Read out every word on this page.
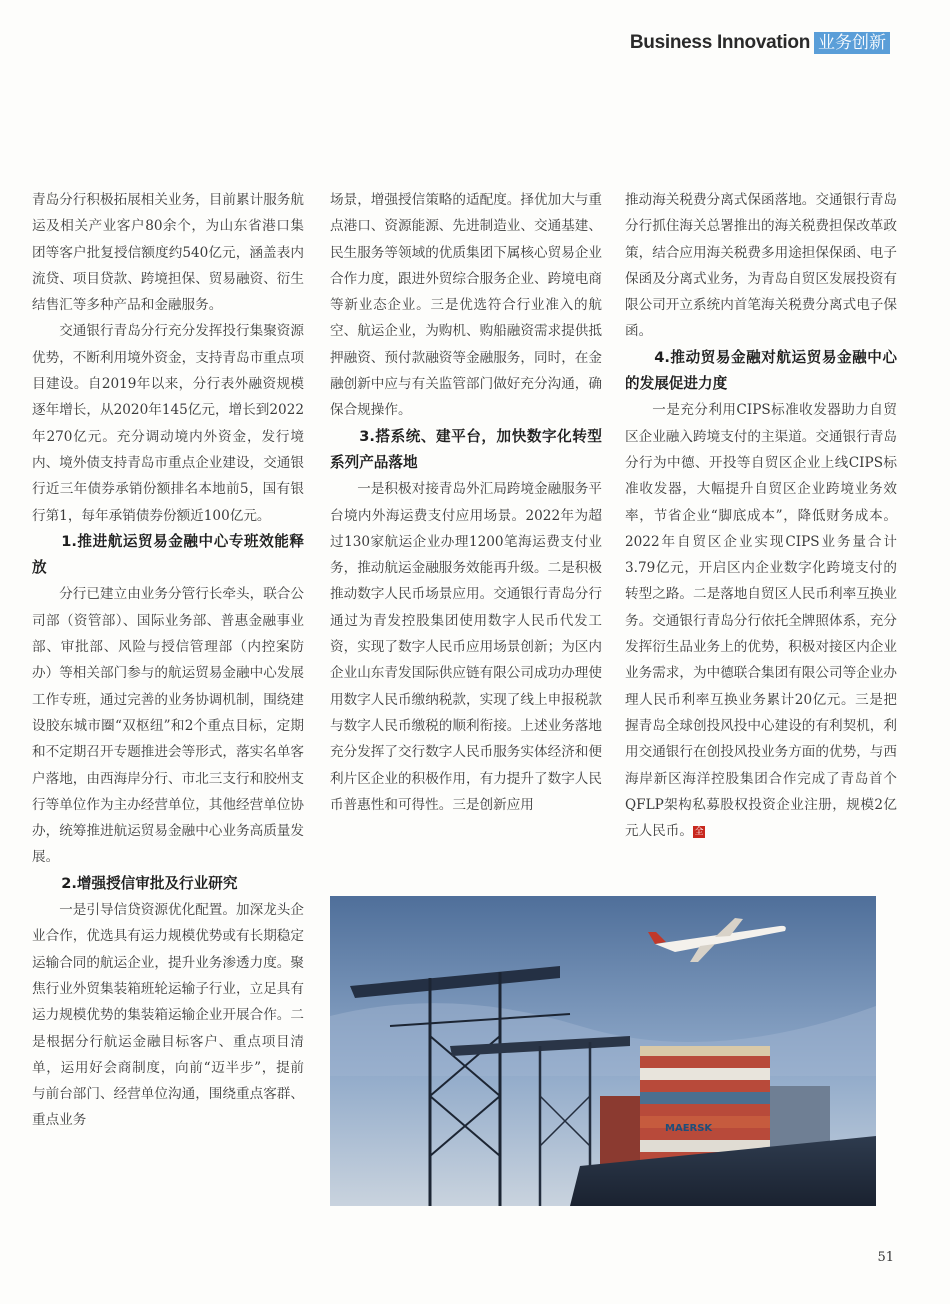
Business Innovation 业务创新

青岛分行积极拓展相关业务，目前累计服务航运及相关产业客户80余个，为山东省港口集团等客户批复授信额度约540亿元，涵盖表内流贷、项目贷款、跨境担保、贸易融资、衍生结售汇等多种产品和金融服务。

交通银行青岛分行充分发挥投行集聚资源优势，不断利用境外资金，支持青岛市重点项目建设。自2019年以来，分行表外融资规模逐年增长，从2020年145亿元，增长到2022年270亿元。充分调动境内外资金，发行境内、境外债支持青岛市重点企业建设，交通银行近三年债券承销份额排名本地前5，国有银行第1，每年承销债券份额近100亿元。

1.推进航运贸易金融中心专班效能释放

分行已建立由业务分管行长牵头，联合公司部（资管部）、国际业务部、普惠金融事业部、审批部、风险与授信管理部（内控案防办）等相关部门参与的航运贸易金融中心发展工作专班，通过完善的业务协调机制，围绕建设胶东城市圈“双枢纽”和2个重点目标，定期和不定期召开专题推进会等形式，落实名单客户落地，由西海岸分行、市北三支行和胶州支行等单位作为主办经营单位，其他经营单位协办，统筹推进航运贸易金融中心业务高质量发展。

2.增强授信审批及行业研究

一是引导信贷资源优化配置。加深龙头企业合作，优选具有运力规模优势或有长期稳定运输合同的航运企业，提升业务渗透力度。聚焦行业外贸集装箱班轮运输子行业，立足具有运力规模优势的集装箱运输企业开展合作。二是根据分行航运金融目标客户、重点项目清单，运用好会商制度，向前“迈半步”，提前与前台部门、经营单位沟通，围绕重点客群、重点业务

场景，增强授信策略的适配度。择优加大与重点港口、资源能源、先进制造业、交通基建、民生服务等领域的优质集团下属核心贸易企业合作力度，跟进外贸综合服务企业、跨境电商等新业态企业。三是优选符合行业准入的航空、航运企业，为购机、购船融资需求提供抵押融资、预付款融资等金融服务，同时，在金融创新中应与有关监管部门做好充分沟通，确保合规操作。

3.搭系统、建平台，加快数字化转型系列产品落地

一是积极对接青岛外汇局跨境金融服务平台境内外海运费支付应用场景。2022年为超过130家航运企业办理1200笔海运费支付业务，推动航运金融服务效能再升级。二是积极推动数字人民币场景应用。交通银行青岛分行通过为青发控股集团使用数字人民币代发工资，实现了数字人民币应用场景创新；为区内企业山东青发国际供应链有限公司成功办理使用数字人民币缴纳税款，实现了线上申报税款与数字人民币缴税的顺利衔接。上述业务落地充分发挥了交行数字人民币服务实体经济和便利片区企业的积极作用，有力提升了数字人民币普惠性和可得性。三是创新应用

推动海关税费分离式保函落地。交通银行青岛分行抓住海关总署推出的海关税费担保改革政策，结合应用海关税费多用途担保保函、电子保函及分离式业务，为青岛自贸区发展投资有限公司开立系统内首笔海关税费分离式电子保函。

4.推动贸易金融对航运贸易金融中心的发展促进力度

一是充分利用CIPS标准收发器助力自贸区企业融入跨境支付的主渠道。交通银行青岛分行为中德、开投等自贸区企业上线CIPS标准收发器，大幅提升自贸区企业跨境业务效率，节省企业“脚底成本”，降低财务成本。2022年自贸区企业实现CIPS业务量合计3.79亿元，开启区内企业数字化跨境支付的转型之路。二是落地自贸区人民币利率互换业务。交通银行青岛分行依托全牌照体系，充分发挥衍生品业务上的优势，积极对接区内企业业务需求，为中德联合集团有限公司等企业办理人民币利率互换业务累计20亿元。三是把握青岛全球创投风投中心建设的有利契机，利用交通银行在创投风投业务方面的优势，与西海岸新区海洋控股集团合作完成了青岛首个QFLP架构私募股权投资企业注册，规模2亿元人民币。全

MAERSK
51
